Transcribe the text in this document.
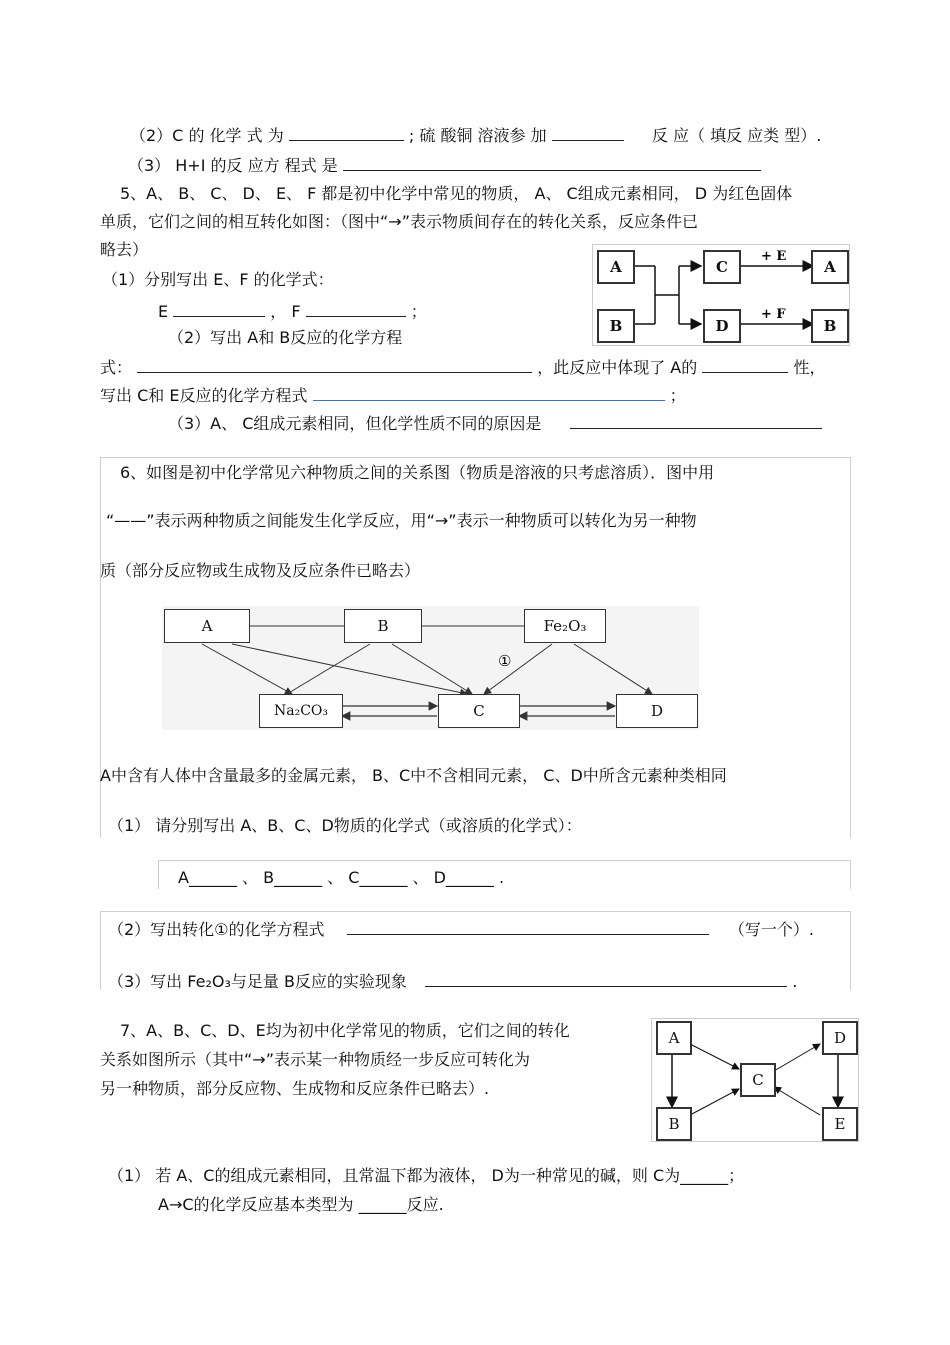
（2）C 的 化学 式 为	; 硫 酸铜 溶液参 加	反 应（ 填反 应类 型）.
（3） H+I 的反 应方 程式 是
5、A、 B、 C、 D、 E、 F 都是初中化学中常见的物质， A、 C组成元素相同， D 为红色固体
单质，它们之间的相互转化如图：（图中“→”表示物质间存在的转化关系，反应条件已
略去）
（1）分别写出 E、F 的化学式：
E	， F	；
（2）写出 A和 B反应的化学方程
式：	，此反应中体现了 A的	性，
写出 C和 E反应的化学方程式	；
（3）A、 C组成元素相同，但化学性质不同的原因是
+ E
+ F
A
B
C	A
D	B
6、如图是初中化学常见六种物质之间的关系图（物质是溶液的只考虑溶质）．图中用
“——”表示两种物质之间能发生化学反应，用“→”表示一种物质可以转化为另一种物
质（部分反应物或生成物及反应条件已略去）
①
A	B	Fe₂O₃
Na₂CO₃	C	D
A中含有人体中含量最多的金属元素， B、C中不含相同元素， C、D中所含元素种类相同
（1） 请分别写出 A、B、C、D物质的化学式（或溶质的化学式）：
A______ 、 B______ 、 C______ 、 D______ .
（2）写出转化①的化学方程式	（写一个）.
（3）写出 Fe₂O₃与足量 B反应的实验现象	.
7、A、B、C、D、E均为初中化学常见的物质，它们之间的转化
关系如图所示（其中“→”表示某一种物质经一步反应可转化为
另一种物质，部分反应物、生成物和反应条件已略去）.
A
C
D
B	E
（1） 若 A、C的组成元素相同，且常温下都为液体， D为一种常见的碱，则 C为______；
A→C的化学反应基本类型为 ______反应.
